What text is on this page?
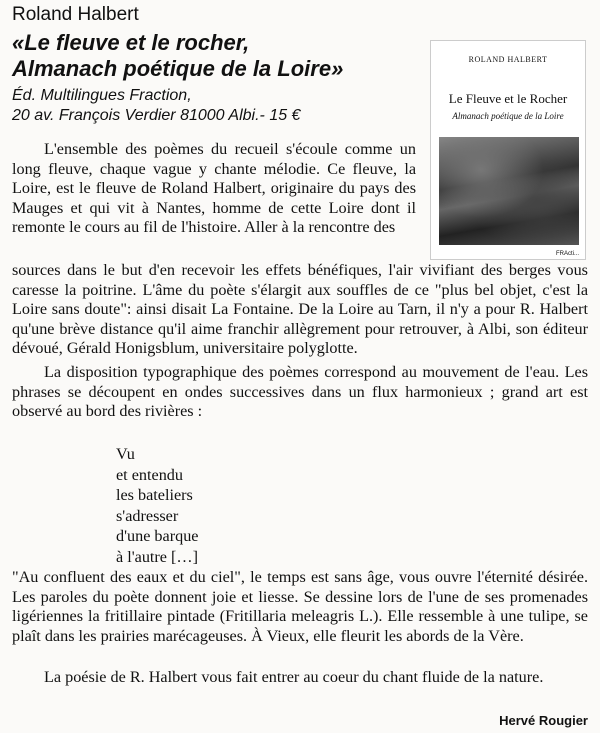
Roland Halbert
«Le fleuve et le rocher,
Almanach poétique de la Loire»
Éd. Multilingues Fraction,
20 av. François Verdier 81000 Albi.- 15 €
ROLAND HALBERT
Le Fleuve et le Rocher
Almanach poétique de la Loire
FRActi...

L'ensemble des poèmes du recueil s'écoule comme un long fleuve, chaque vague y chante mélodie. Ce fleuve, la Loire, est le fleuve de Roland Halbert, originaire du pays des Mauges et qui vit à Nantes, homme de cette Loire dont il remonte le cours au fil de l'histoire. Aller à la rencontre des

sources dans le but d'en recevoir les effets bénéfiques, l'air vivifiant des berges vous caresse la poitrine. L'âme du poète s'élargit aux souffles de ce "plus bel objet, c'est la Loire sans doute": ainsi disait La Fontaine. De la Loire au Tarn, il n'y a pour R. Halbert qu'une brève distance qu'il aime franchir allègrement pour retrouver, à Albi, son éditeur dévoué, Gérald Honigsblum, universitaire polyglotte.

La disposition typographique des poèmes correspond au mouvement de l'eau. Les phrases se découpent en ondes successives dans un flux harmonieux ; grand art est observé au bord des rivières :

Vu
et entendu
les bateliers
s'adresser
d'une barque
à l'autre […]

"Au confluent des eaux et du ciel", le temps est sans âge, vous ouvre l'éternité désirée. Les paroles du poète donnent joie et liesse. Se dessine lors de l'une de ses promenades ligériennes la fritillaire pintade (Fritillaria meleagris L.). Elle ressemble à une tulipe, se plaît dans les prairies marécageuses. À Vieux, elle fleurit les abords de la Vère.

La poésie de R. Halbert vous fait entrer au coeur du chant fluide de la nature.

Hervé Rougier
